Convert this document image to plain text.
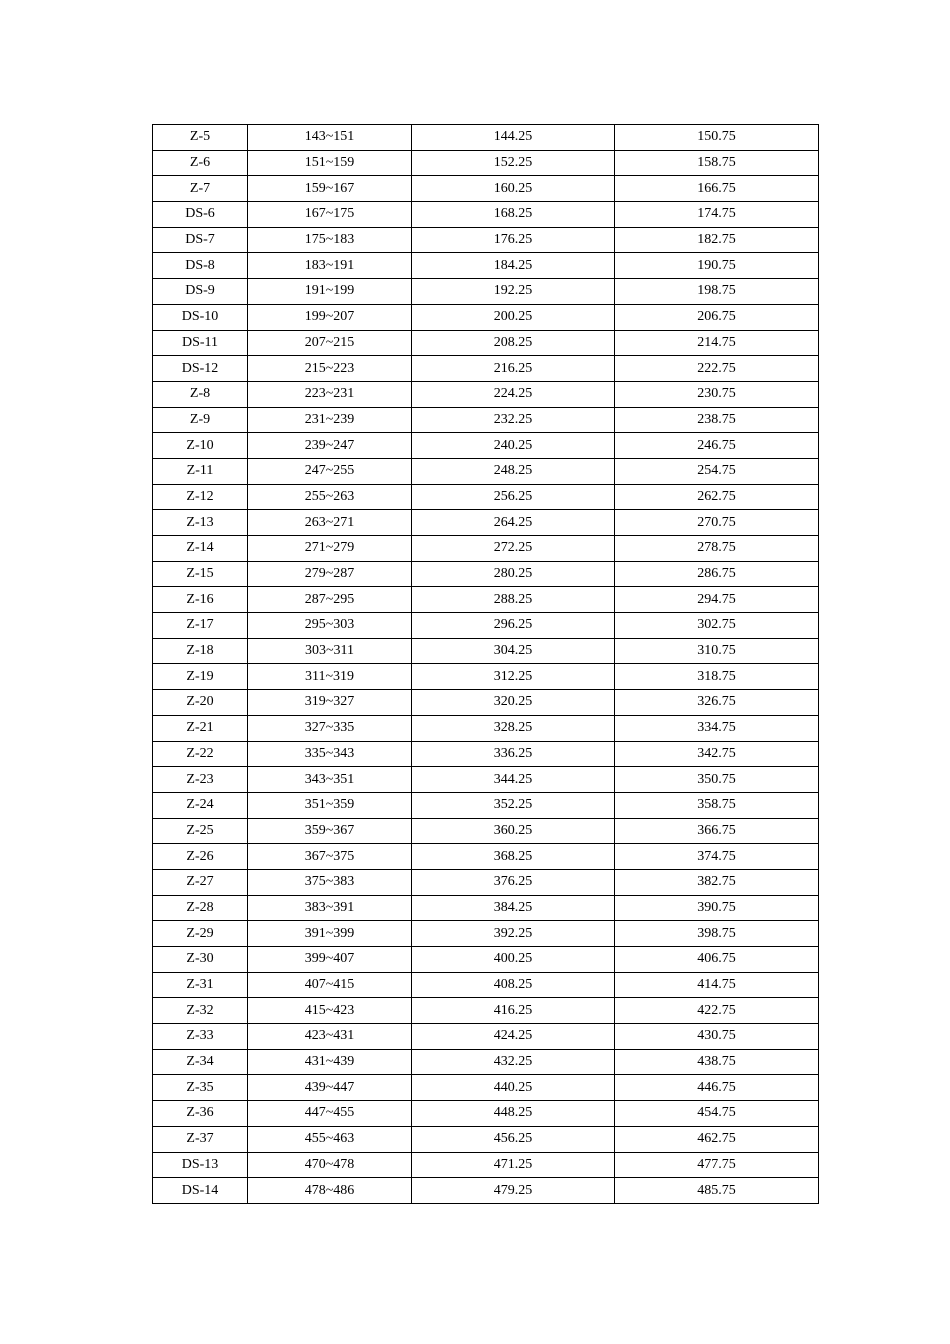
Z-5	143~151	144.25	150.75
Z-6	151~159	152.25	158.75
Z-7	159~167	160.25	166.75
DS-6	167~175	168.25	174.75
DS-7	175~183	176.25	182.75
DS-8	183~191	184.25	190.75
DS-9	191~199	192.25	198.75
DS-10	199~207	200.25	206.75
DS-11	207~215	208.25	214.75
DS-12	215~223	216.25	222.75
Z-8	223~231	224.25	230.75
Z-9	231~239	232.25	238.75
Z-10	239~247	240.25	246.75
Z-11	247~255	248.25	254.75
Z-12	255~263	256.25	262.75
Z-13	263~271	264.25	270.75
Z-14	271~279	272.25	278.75
Z-15	279~287	280.25	286.75
Z-16	287~295	288.25	294.75
Z-17	295~303	296.25	302.75
Z-18	303~311	304.25	310.75
Z-19	311~319	312.25	318.75
Z-20	319~327	320.25	326.75
Z-21	327~335	328.25	334.75
Z-22	335~343	336.25	342.75
Z-23	343~351	344.25	350.75
Z-24	351~359	352.25	358.75
Z-25	359~367	360.25	366.75
Z-26	367~375	368.25	374.75
Z-27	375~383	376.25	382.75
Z-28	383~391	384.25	390.75
Z-29	391~399	392.25	398.75
Z-30	399~407	400.25	406.75
Z-31	407~415	408.25	414.75
Z-32	415~423	416.25	422.75
Z-33	423~431	424.25	430.75
Z-34	431~439	432.25	438.75
Z-35	439~447	440.25	446.75
Z-36	447~455	448.25	454.75
Z-37	455~463	456.25	462.75
DS-13	470~478	471.25	477.75
DS-14	478~486	479.25	485.75
